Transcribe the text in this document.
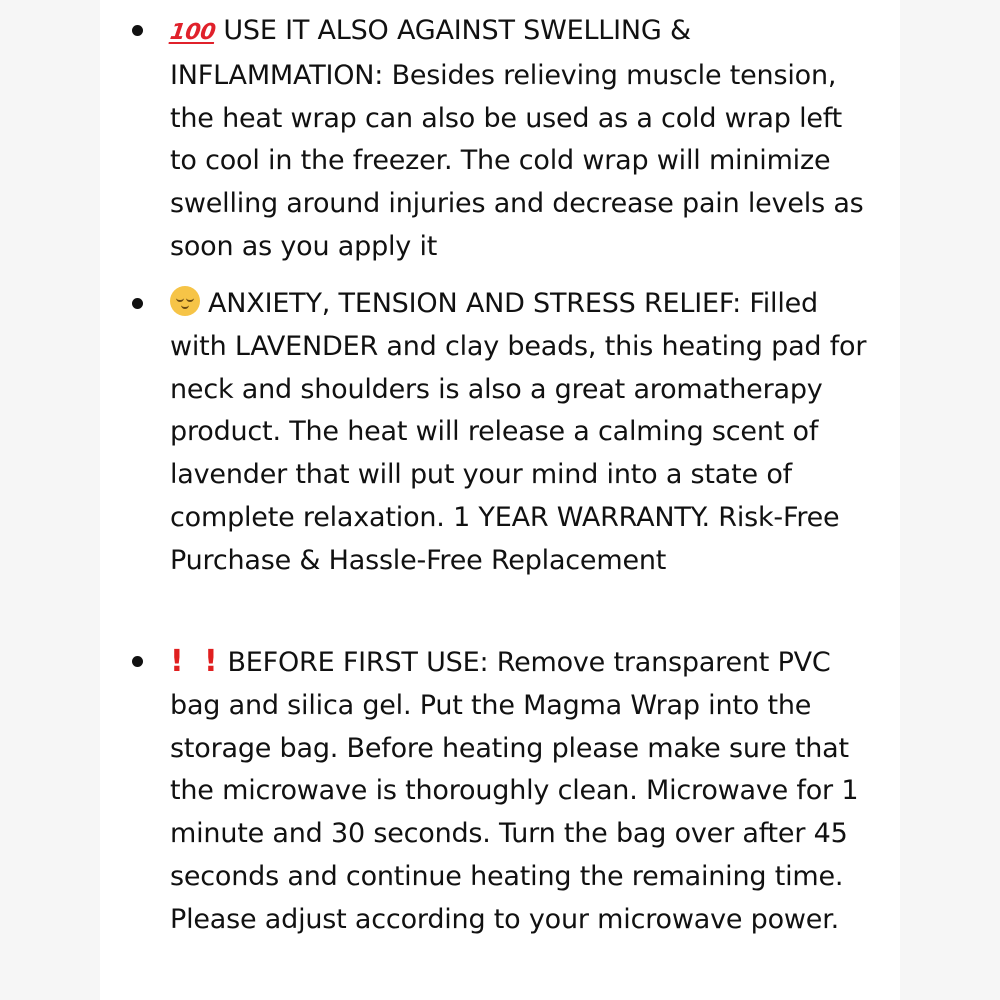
100 USE IT ALSO AGAINST SWELLING & INFLAMMATION: Besides relieving muscle tension, the heat wrap can also be used as a cold wrap left to cool in the freezer. The cold wrap will minimize swelling around injuries and decrease pain levels as soon as you apply it
ANXIETY, TENSION AND STRESS RELIEF: Filled with LAVENDER and clay beads, this heating pad for neck and shoulders is also a great aromatherapy product. The heat will release a calming scent of lavender that will put your mind into a state of complete relaxation. 1 YEAR WARRANTY. Risk-Free Purchase & Hassle-Free Replacement
!  ! BEFORE FIRST USE: Remove transparent PVC bag and silica gel. Put the Magma Wrap into the storage bag. Before heating please make sure that the microwave is thoroughly clean. Microwave for 1 minute and 30 seconds. Turn the bag over after 45 seconds and continue heating the remaining time. Please adjust according to your microwave power.
